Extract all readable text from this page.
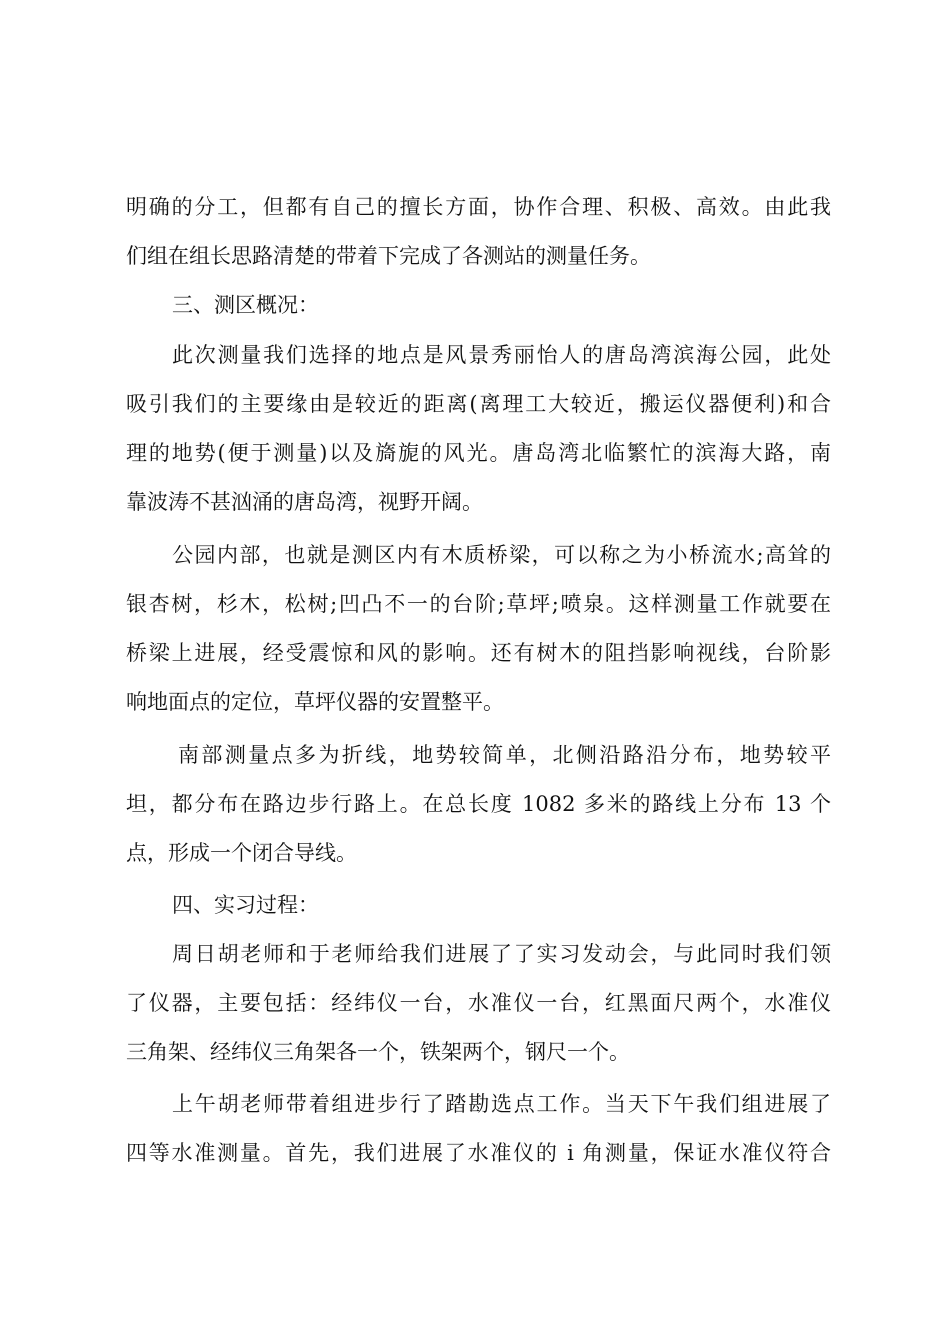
明确的分工，但都有自己的擅长方面，协作合理、积极、高效。由此我
们组在组长思路清楚的带着下完成了各测站的测量任务。
三、测区概况：
此次测量我们选择的地点是风景秀丽怡人的唐岛湾滨海公园，此处
吸引我们的主要缘由是较近的距离(离理工大较近，搬运仪器便利)和合
理的地势(便于测量)以及旖旎的风光。唐岛湾北临繁忙的滨海大路，南
靠波涛不甚汹涌的唐岛湾，视野开阔。
公园内部，也就是测区内有木质桥梁，可以称之为小桥流水;高耸的
银杏树，杉木，松树;凹凸不一的台阶;草坪;喷泉。这样测量工作就要在
桥梁上进展，经受震惊和风的影响。还有树木的阻挡影响视线，台阶影
响地面点的定位，草坪仪器的安置整平。
南部测量点多为折线，地势较简单，北侧沿路沿分布，地势较平
坦，都分布在路边步行路上。在总长度 1082 多米的路线上分布 13 个
点，形成一个闭合导线。
四、实习过程：
周日胡老师和于老师给我们进展了了实习发动会，与此同时我们领
了仪器，主要包括：经纬仪一台，水准仪一台，红黑面尺两个，水准仪
三角架、经纬仪三角架各一个，铁架两个，钢尺一个。
上午胡老师带着组进步行了踏勘选点工作。当天下午我们组进展了
四等水准测量。首先，我们进展了水准仪的 i 角测量，保证水准仪符合
